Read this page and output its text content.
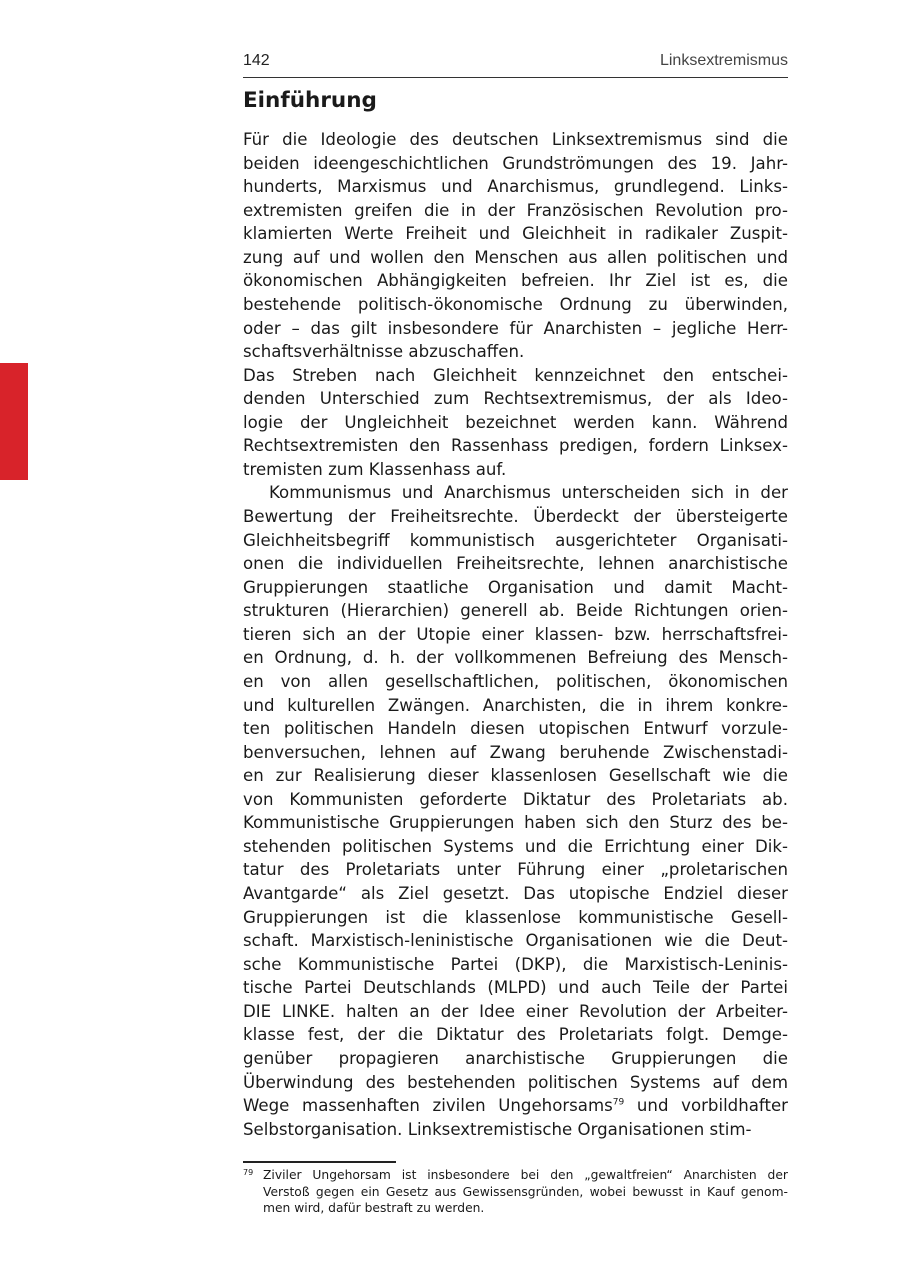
142	Linksextremismus
Einführung
Für die Ideologie des deutschen Linksextremismus sind die
beiden ideengeschichtlichen Grundströmungen des 19. Jahr-
hunderts, Marxismus und Anarchismus, grundlegend. Links-
extremisten greifen die in der Französischen Revolution pro-
klamierten Werte Freiheit und Gleichheit in radikaler Zuspit-
zung auf und wollen den Menschen aus allen politischen und
ökonomischen Abhängigkeiten befreien. Ihr Ziel ist es, die
bestehende politisch-ökonomische Ordnung zu überwinden,
oder – das gilt insbesondere für Anarchisten – jegliche Herr-
schaftsverhältnisse abzuschaffen.
Das Streben nach Gleichheit kennzeichnet den entschei-
denden Unterschied zum Rechtsextremismus, der als Ideo-
logie der Ungleichheit bezeichnet werden kann. Während
Rechtsextremisten den Rassenhass predigen, fordern Linksex-
tremisten zum Klassenhass auf.
Kommunismus und Anarchismus unterscheiden sich in der
Bewertung der Freiheitsrechte. Überdeckt der übersteigerte
Gleichheitsbegriff kommunistisch ausgerichteter Organisati-
onen die individuellen Freiheitsrechte, lehnen anarchistische
Gruppierungen staatliche Organisation und damit Macht-
strukturen (Hierarchien) generell ab. Beide Richtungen orien-
tieren sich an der Utopie einer klassen- bzw. herrschaftsfrei-
en Ordnung, d. h. der vollkommenen Befreiung des Mensch-
en von allen gesellschaftlichen, politischen, ökonomischen
und kulturellen Zwängen. Anarchisten, die in ihrem konkre-
ten politischen Handeln diesen utopischen Entwurf vorzule-
benversuchen, lehnen auf Zwang beruhende Zwischenstadi-
en zur Realisierung dieser klassenlosen Gesellschaft wie die
von Kommunisten geforderte Diktatur des Proletariats ab.
Kommunistische Gruppierungen haben sich den Sturz des be-
stehenden politischen Systems und die Errichtung einer Dik-
tatur des Proletariats unter Führung einer „proletarischen
Avantgarde“ als Ziel gesetzt. Das utopische Endziel dieser
Gruppierungen ist die klassenlose kommunistische Gesell-
schaft. Marxistisch-leninistische Organisationen wie die Deut-
sche Kommunistische Partei (DKP), die Marxistisch-Leninis-
tische Partei Deutschlands (MLPD) und auch Teile der Partei
DIE LINKE. halten an der Idee einer Revolution der Arbeiter-
klasse fest, der die Diktatur des Proletariats folgt. Demge-
genüber propagieren anarchistische Gruppierungen die
Überwindung des bestehenden politischen Systems auf dem
Wege massenhaften zivilen Ungehorsams$^{79}$ und vorbildhafter
Selbstorganisation. Linksextremistische Organisationen stim-
79 Ziviler Ungehorsam ist insbesondere bei den „gewaltfreien“ Anarchisten der
Verstoß gegen ein Gesetz aus Gewissensgründen, wobei bewusst in Kauf genom-
men wird, dafür bestraft zu werden.
